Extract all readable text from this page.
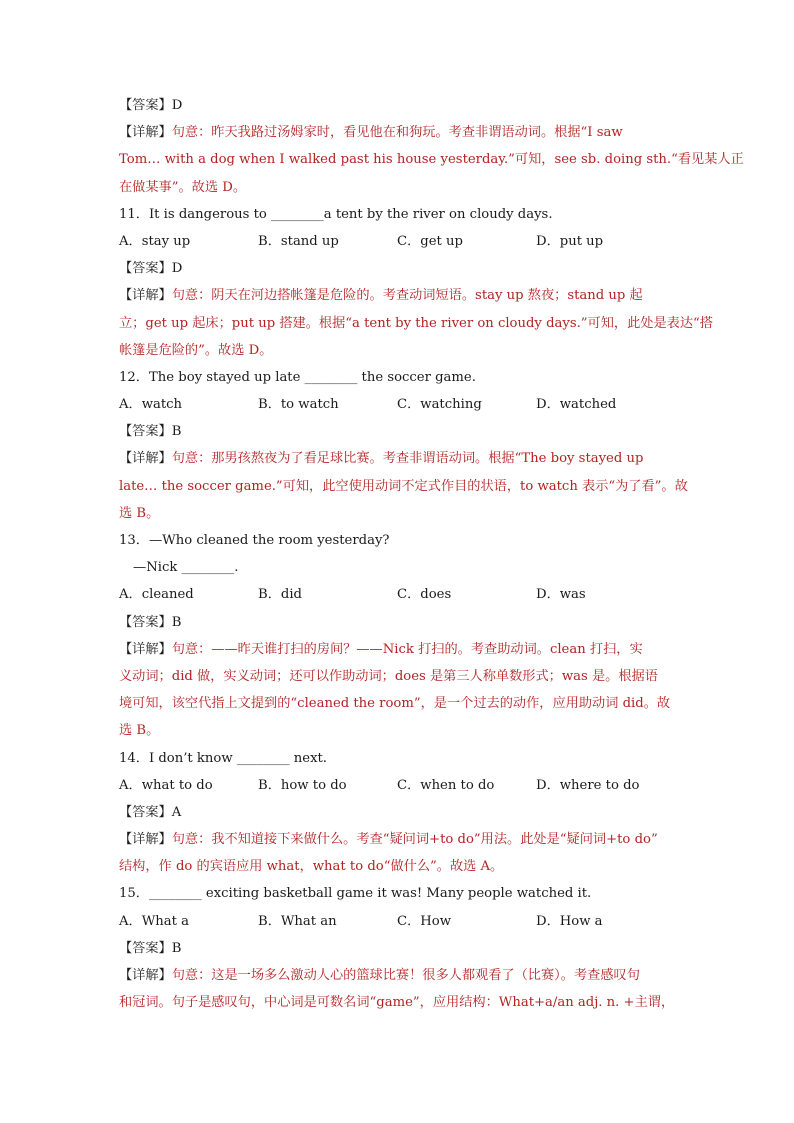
【答案】D
【详解】句意：昨天我路过汤姆家时，看见他在和狗玩。考查非谓语动词。根据“I saw
Tom… with a dog when I walked past his house yesterday.”可知，see sb. doing sth.“看见某人正
在做某事”。故选 D。
11．It is dangerous to ________a tent by the river on cloudy days.
A．stay up	B．stand up	C．get up	D．put up
【答案】D
【详解】句意：阴天在河边搭帐篷是危险的。考查动词短语。stay up 熬夜；stand up 起
立；get up 起床；put up 搭建。根据“a tent by the river on cloudy days.”可知，此处是表达“搭
帐篷是危险的”。故选 D。
12．The boy stayed up late ________ the soccer game.
A．watch	B．to watch	C．watching	D．watched
【答案】B
【详解】句意：那男孩熬夜为了看足球比赛。考查非谓语动词。根据“The boy stayed up
late… the soccer game.”可知，此空使用动词不定式作目的状语，to watch 表示“为了看”。故
选 B。
13．—Who cleaned the room yesterday?
—Nick ________.
A．cleaned	B．did	C．does	D．was
【答案】B
【详解】句意：——昨天谁打扫的房间？——Nick 打扫的。考查助动词。clean 打扫，实
义动词；did 做，实义动词；还可以作助动词；does 是第三人称单数形式；was 是。根据语
境可知，该空代指上文提到的“cleaned the room”，是一个过去的动作，应用助动词 did。故
选 B。
14．I don’t know ________ next.
A．what to do	B．how to do	C．when to do	D．where to do
【答案】A
【详解】句意：我不知道接下来做什么。考查“疑问词+to do”用法。此处是“疑问词+to do”
结构，作 do 的宾语应用 what，what to do“做什么”。故选 A。
15．________ exciting basketball game it was! Many people watched it.
A．What a	B．What an	C．How	D．How a
【答案】B
【详解】句意：这是一场多么激动人心的篮球比赛！很多人都观看了（比赛）。考查感叹句
和冠词。句子是感叹句，中心词是可数名词“game”，应用结构：What+a/an adj. n. +主谓，
